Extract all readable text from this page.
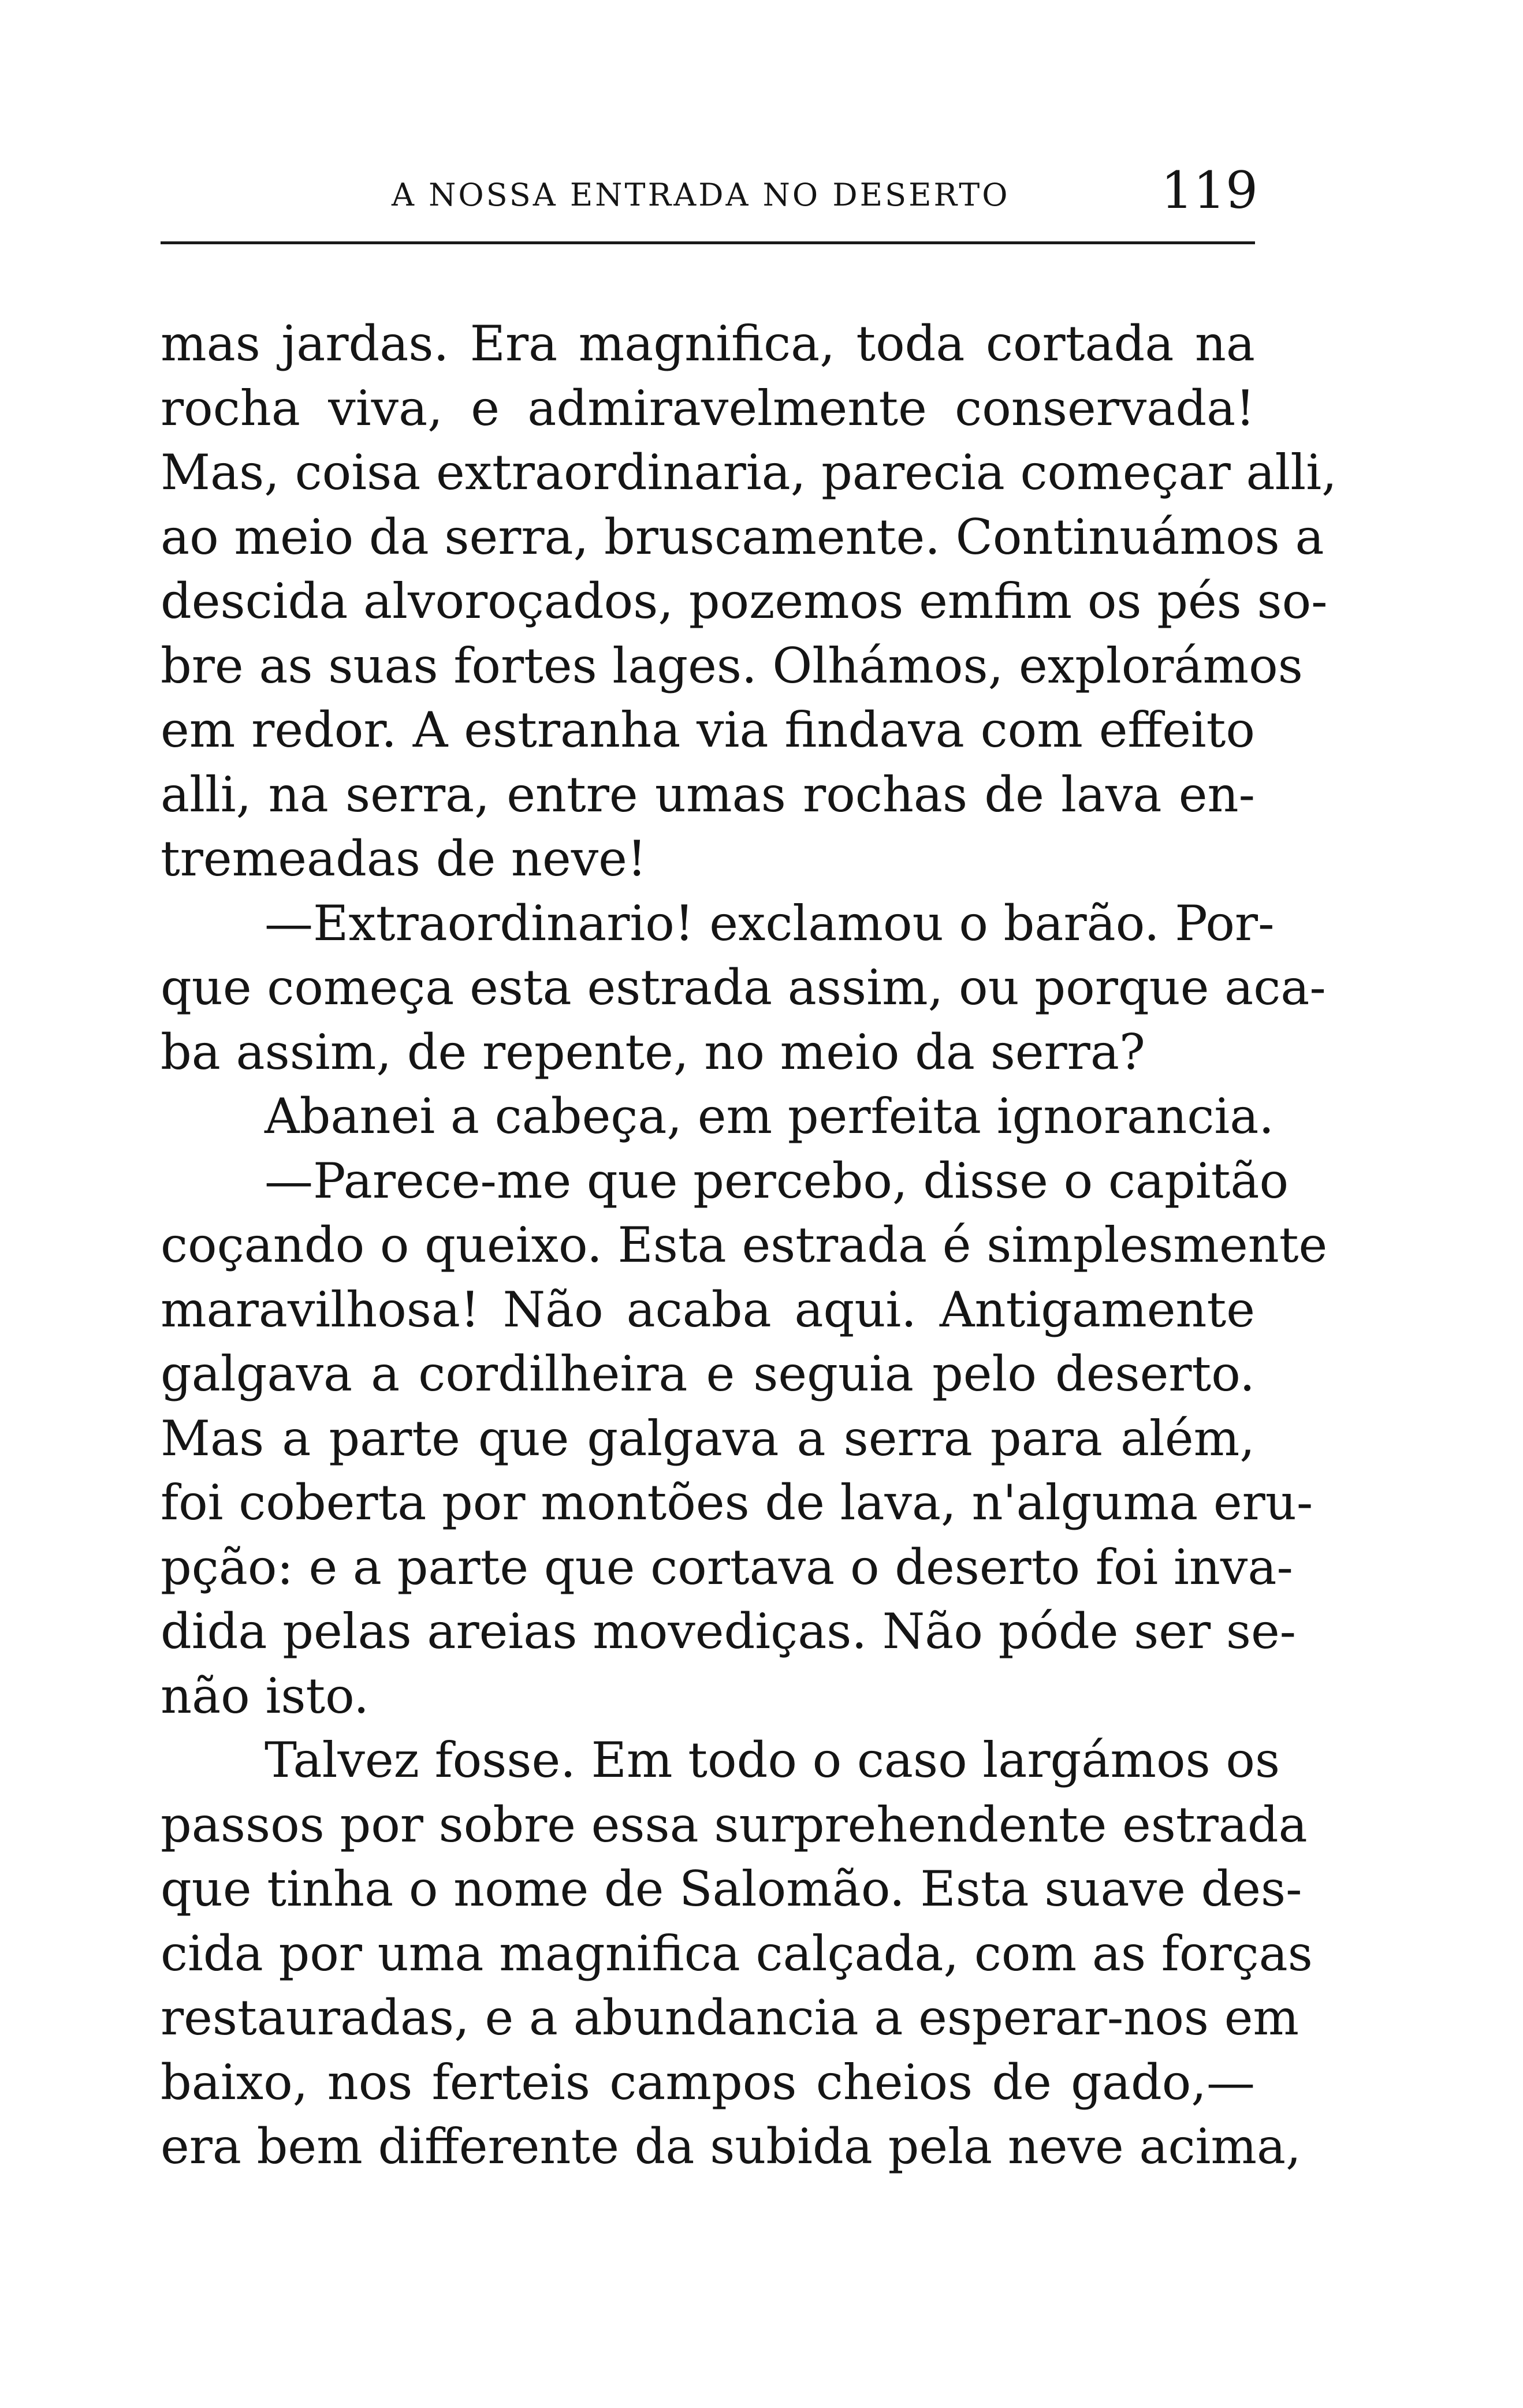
A NOSSA ENTRADA NO DESERTO	119

mas jardas. Era magnifica, toda cortada na
rocha viva, e admiravelmente conservada!
Mas, coisa extraordinaria, parecia começar alli,
ao meio da serra, bruscamente. Continuámos a
descida alvoroçados, pozemos emfim os pés so-
bre as suas fortes lages. Olhámos, explorámos
em redor. A estranha via findava com effeito
alli, na serra, entre umas rochas de lava en-
tremeadas de neve!

—Extraordinario! exclamou o barão. Por-
que começa esta estrada assim, ou porque aca-
ba assim, de repente, no meio da serra?

Abanei a cabeça, em perfeita ignorancia.

—Parece-me que percebo, disse o capitão
coçando o queixo. Esta estrada é simplesmente
maravilhosa! Não acaba aqui. Antigamente
galgava a cordilheira e seguia pelo deserto.
Mas a parte que galgava a serra para além,
foi coberta por montões de lava, n'alguma eru-
pção: e a parte que cortava o deserto foi inva-
dida pelas areias movediças. Não póde ser se-
não isto.

Talvez fosse. Em todo o caso largámos os
passos por sobre essa surprehendente estrada
que tinha o nome de Salomão. Esta suave des-
cida por uma magnifica calçada, com as forças
restauradas, e a abundancia a esperar-nos em
baixo, nos ferteis campos cheios de gado,—
era bem differente da subida pela neve acima,
